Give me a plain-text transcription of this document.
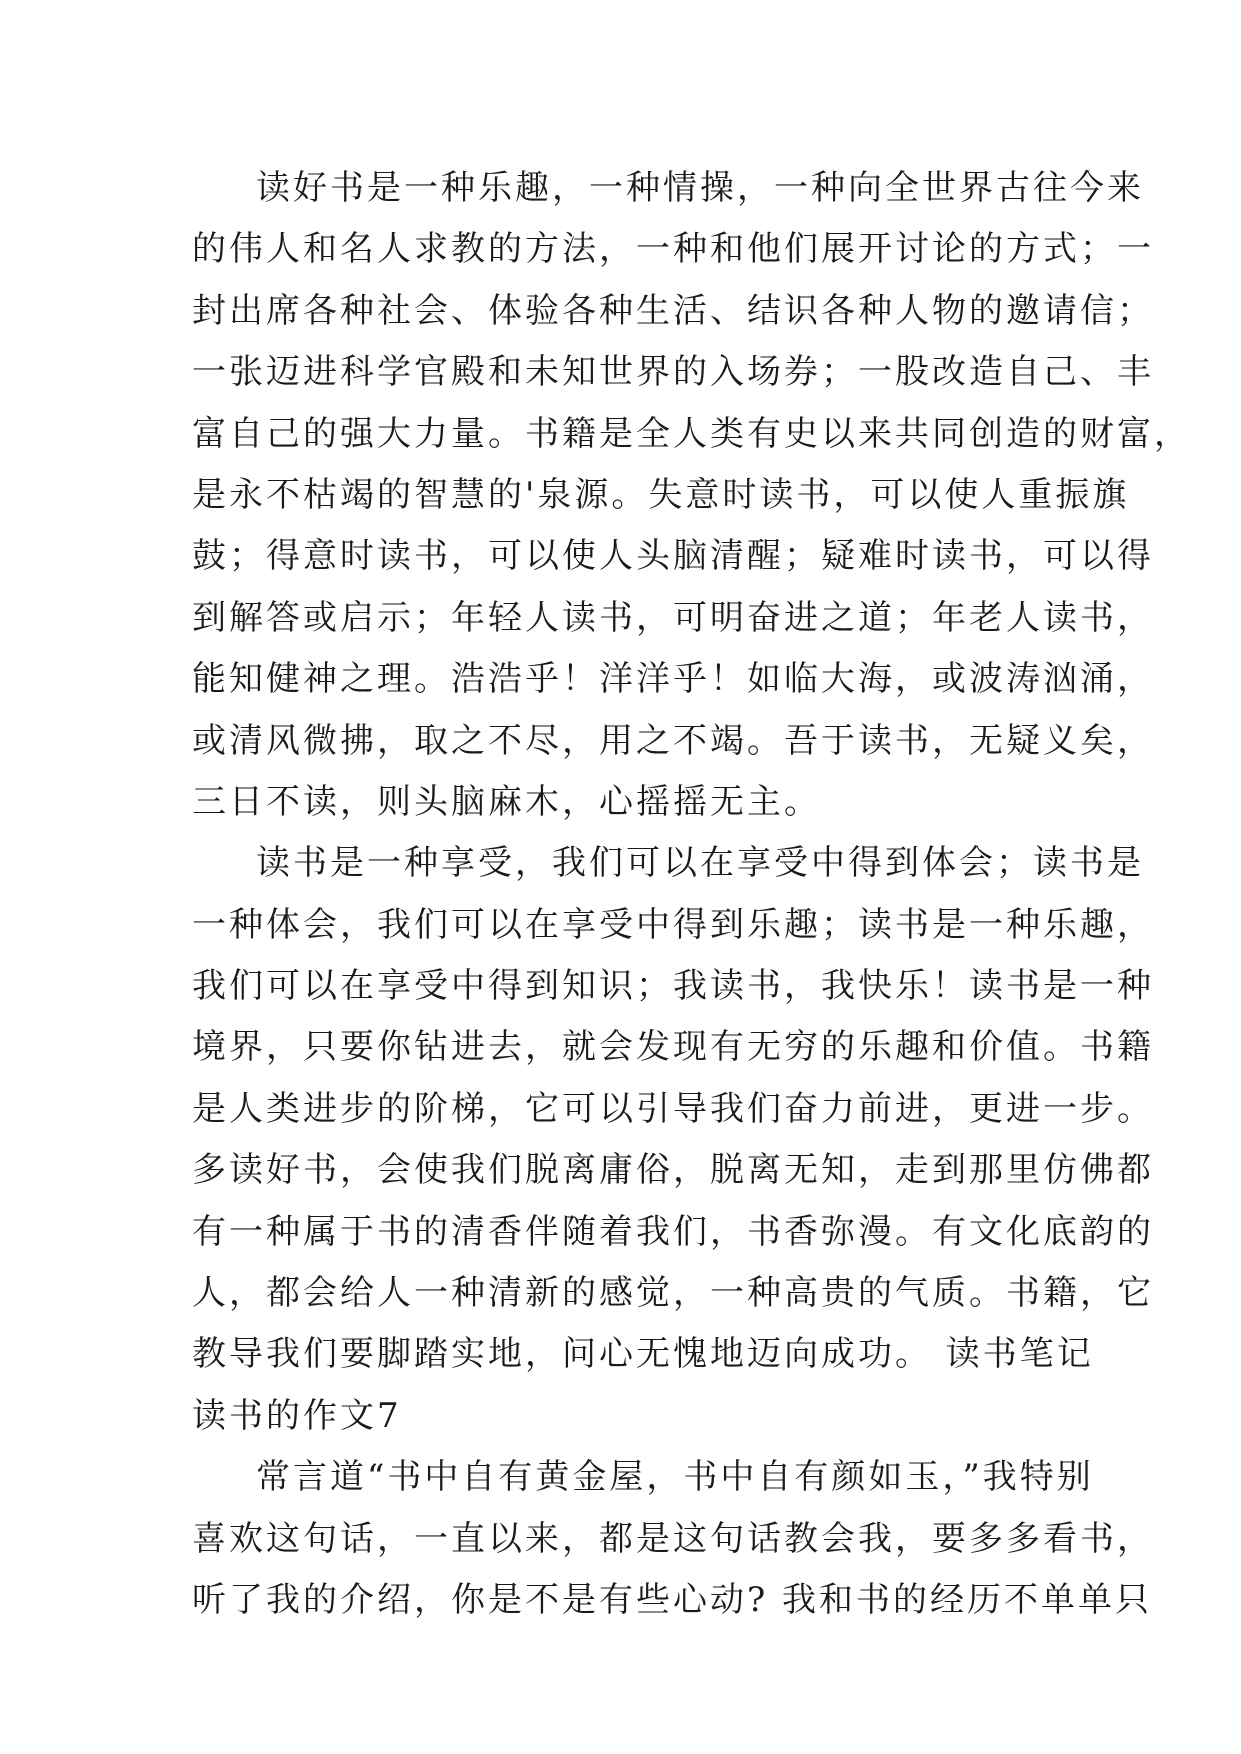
读好书是一种乐趣，一种情操，一种向全世界古往今来
的伟人和名人求教的方法，一种和他们展开讨论的方式；一
封出席各种社会、体验各种生活、结识各种人物的邀请信；
一张迈进科学官殿和未知世界的入场券；一股改造自己、丰
富自己的强大力量。书籍是全人类有史以来共同创造的财富，
是永不枯竭的智慧的'泉源。失意时读书，可以使人重振旗
鼓；得意时读书，可以使人头脑清醒；疑难时读书，可以得
到解答或启示；年轻人读书，可明奋进之道；年老人读书，
能知健神之理。浩浩乎！洋洋乎！如临大海，或波涛汹涌，
或清风微拂，取之不尽，用之不竭。吾于读书，无疑义矣，
三日不读，则头脑麻木，心摇摇无主。
读书是一种享受，我们可以在享受中得到体会；读书是
一种体会，我们可以在享受中得到乐趣；读书是一种乐趣，
我们可以在享受中得到知识；我读书，我快乐！读书是一种
境界，只要你钻进去，就会发现有无穷的乐趣和价值。书籍
是人类进步的阶梯，它可以引导我们奋力前进，更进一步。
多读好书，会使我们脱离庸俗，脱离无知，走到那里仿佛都
有一种属于书的清香伴随着我们，书香弥漫。有文化底韵的
人，都会给人一种清新的感觉，一种高贵的气质。书籍，它
教导我们要脚踏实地，问心无愧地迈向成功。 读书笔记
读书的作文7
常言道“书中自有黄金屋，书中自有颜如玉，”我特别
喜欢这句话，一直以来，都是这句话教会我，要多多看书，
听了我的介绍，你是不是有些心动? 我和书的经历不单单只
